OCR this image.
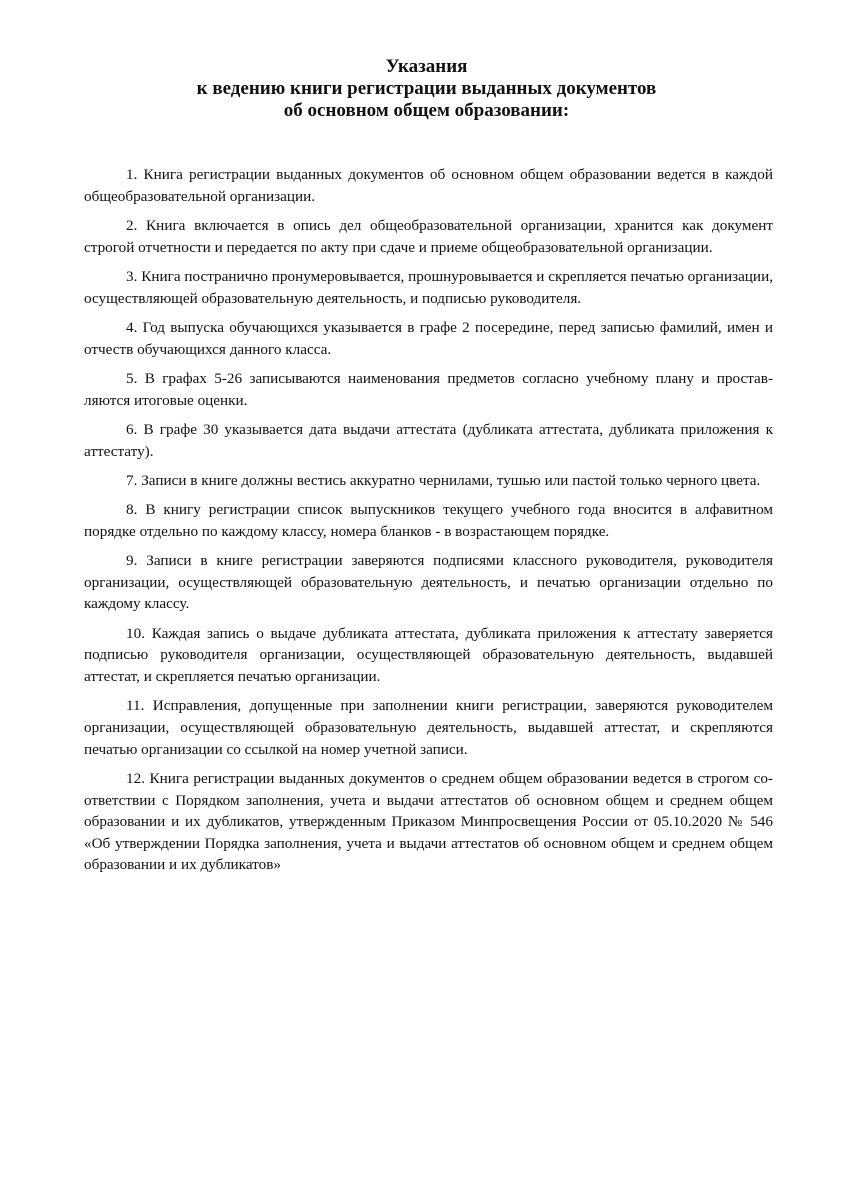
Указания
к ведению книги регистрации выданных документов
об основном общем образовании:

1. Книга регистрации выданных документов об основном общем образовании ведется в каждой общеобразовательной организации.

2. Книга включается в опись дел общеобразовательной организации, хранится как документ строгой отчетности и передается по акту при сдаче и приеме общеобразовательной организации.

3. Книга постранично пронумеровывается, прошнуровывается и скрепляется печатью организации, осуществляющей образовательную деятельность, и подписью руководителя.

4. Год выпуска обучающихся указывается в графе 2 посередине, перед записью фамилий, имен и отчеств обучающихся данного класса.

5. В графах 5-26 записываются наименования предметов согласно учебному плану и проставляются итоговые оценки.

6. В графе 30 указывается дата выдачи аттестата (дубликата аттестата, дубликата приложения к аттестату).

7. Записи в книге должны вестись аккуратно чернилами, тушью или пастой только черного цвета.

8. В книгу регистрации список выпускников текущего учебного года вносится в алфавитном порядке отдельно по каждому классу, номера бланков - в возрастающем порядке.

9. Записи в книге регистрации заверяются подписями классного руководителя, руководителя организации, осуществляющей образовательную деятельность, и печатью организации отдельно по каждому классу.

10. Каждая запись о выдаче дубликата аттестата, дубликата приложения к аттестату заверяется подписью руководителя организации, осуществляющей образовательную деятельность, выдавшей аттестат, и скрепляется печатью организации.

11. Исправления, допущенные при заполнении книги регистрации, заверяются руководителем организации, осуществляющей образовательную деятельность, выдавшей аттестат, и скрепляются печатью организации со ссылкой на номер учетной записи.

12. Книга регистрации выданных документов о среднем общем образовании ведется в строгом со-ответствии с Порядком заполнения, учета и выдачи аттестатов об основном общем и среднем общем образовании и их дубликатов, утвержденным Приказом Минпросвещения России от 05.10.2020 № 546 «Об утверждении Порядка заполнения, учета и выдачи аттестатов об основном общем и среднем общем образовании и их дубликатов»
